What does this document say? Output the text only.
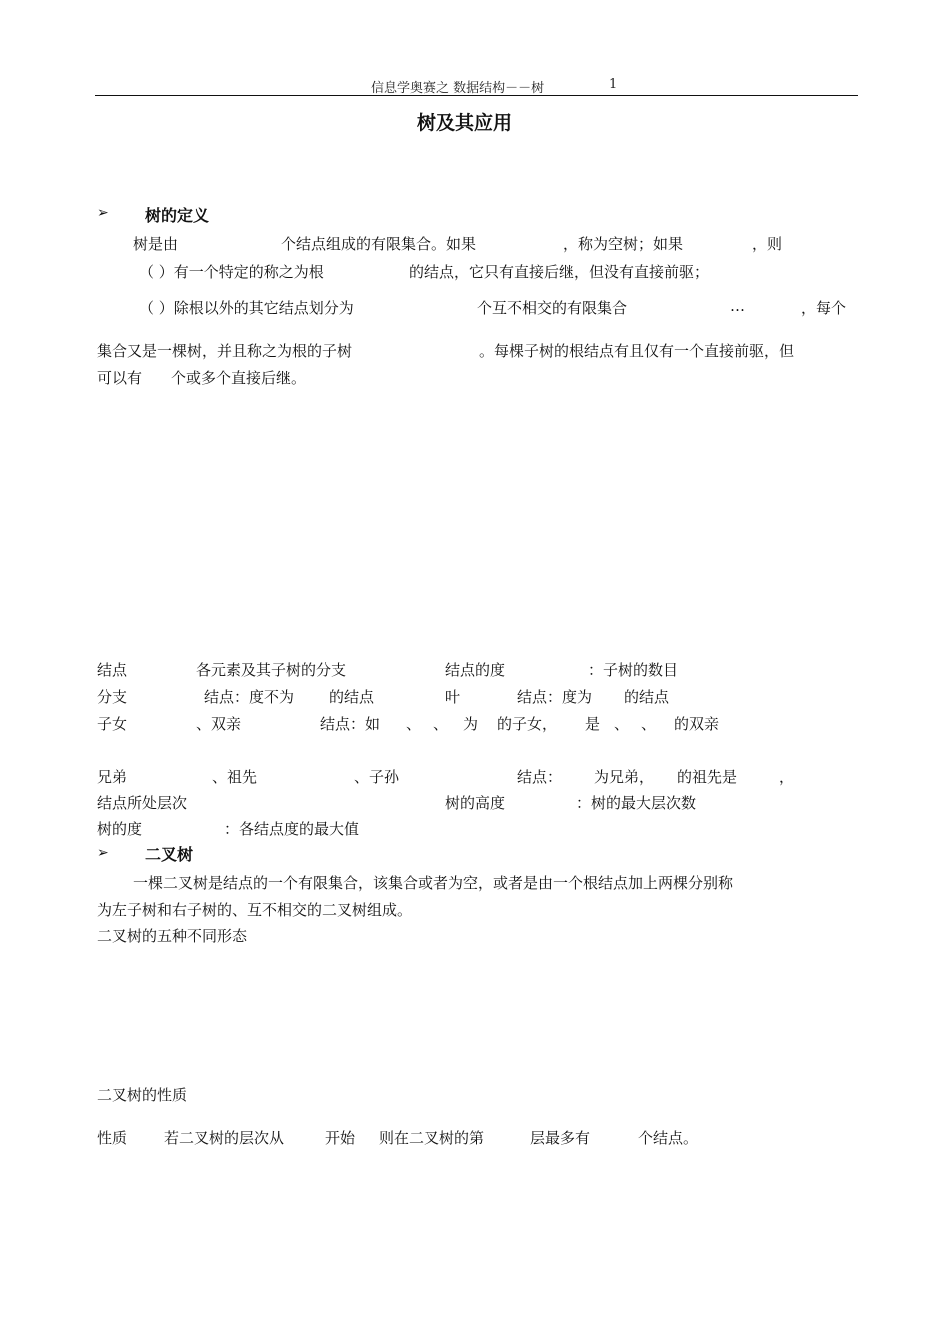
信息学奥赛之 数据结构－－树	1
树及其应用
➢ 树的定义
树是由	个结点组成的有限集合。如果	，称为空树；如果	，则
（ ）有一个特定的称之为根	的结点，它只有直接后继，但没有直接前驱；
（ ）除根以外的其它结点划分为	个互不相交的有限集合	…	，每个
集合又是一棵树，并且称之为根的子树	。每棵子树的根结点有且仅有一个直接前驱，但
可以有 个或多个直接后继。
结点	各元素及其子树的分支	结点的度	：子树的数目
分支	结点：度不为 的结点	叶	结点：度为 的结点
子女	、双亲	结点：如 、 、 为 的子女， 是 、 、 的双亲
兄弟	、祖先	、子孙	结点： 为兄弟， 的祖先是	，
结点所处层次	树的高度	：树的最大层次数
树的度	：各结点度的最大值
➢ 二叉树
一棵二叉树是结点的一个有限集合，该集合或者为空，或者是由一个根结点加上两棵分别称
为左子树和右子树的、互不相交的二叉树组成。
二叉树的五种不同形态
二叉树的性质
性质 若二叉树的层次从	开始 则在二叉树的第	层最多有	个结点。
